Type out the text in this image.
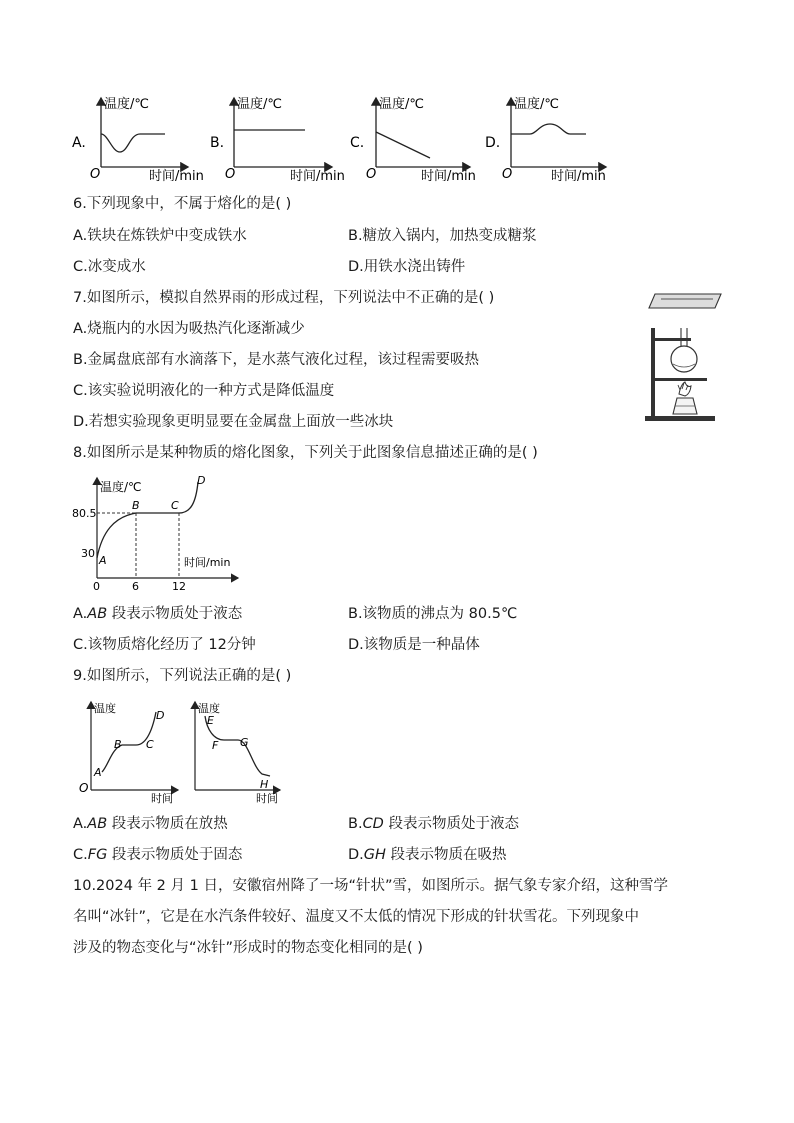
A.
温度/℃
时间/min
O
B.
温度/℃
时间/min
O
C.
温度/℃
时间/min
O
D.
温度/℃
时间/min
O
6.下列现象中，不属于熔化的是( )
A.铁块在炼铁炉中变成铁水	B.糖放入锅内，加热变成糖浆
C.冰变成水	D.用铁水浇出铸件
7.如图所示，模拟自然界雨的形成过程，下列说法中不正确的是( )
A.烧瓶内的水因为吸热汽化逐渐减少
B.金属盘底部有水滴落下，是水蒸气液化过程，该过程需要吸热
C.该实验说明液化的一种方式是降低温度
D.若想实验现象更明显要在金属盘上面放一些冰块
8.如图所示是某种物质的熔化图象，下列关于此图象信息描述正确的是( )
温度/℃
时间/min
80.5
30
0	6	12
A
B	C
D
A.AB 段表示物质处于液态	B.该物质的沸点为 80.5℃
C.该物质熔化经历了 12分钟	D.该物质是一种晶体
9.如图所示，下列说法正确的是( )
温度
时间
O
A
B C
D
温度
时间
E
F G
H
A.AB 段表示物质在放热	B.CD 段表示物质处于液态
C.FG 段表示物质处于固态	D.GH 段表示物质在吸热
10.2024 年 2 月 1 日，安徽宿州降了一场“针状”雪，如图所示。据气象专家介绍，这种雪学
名叫“冰针”，它是在水汽条件较好、温度又不太低的情况下形成的针状雪花。下列现象中
涉及的物态变化与“冰针”形成时的物态变化相同的是( )
